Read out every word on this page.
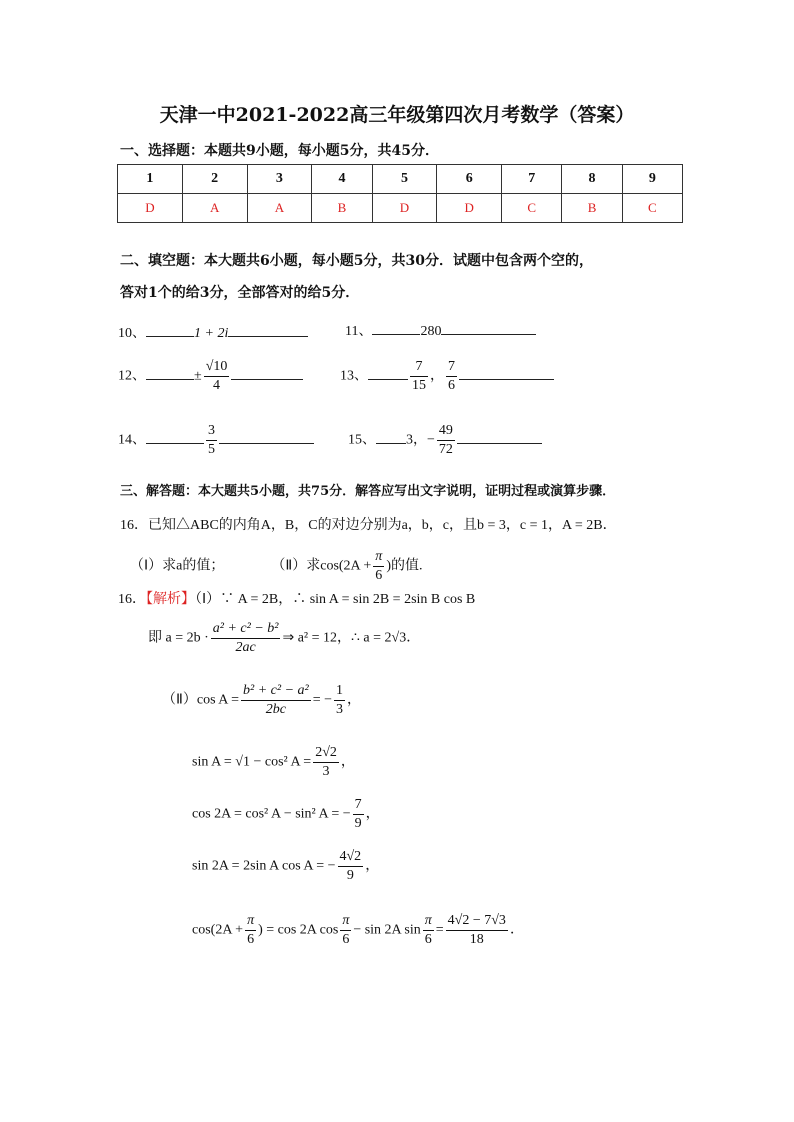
天津一中2021-2022高三年级第四次月考数学（答案）
一、选择题：本题共9小题，每小题5分，共45分．
1	2	3	4	5	6	7	8	9
D	A	A	B	D	D	C	B	C
二、填空题：本大题共6小题，每小题5分，共30分．试题中包含两个空的，
答对1个的给3分，全部答对的给5分．
10、	1 + 2i	11、	280
12、	± $\frac{√10}{4}$	13、	$\frac{7}{15}$ ， $\frac{7}{6}$
14、	$\frac{3}{5}$	15、 3，− $\frac{49}{72}$
三、解答题：本大题共5小题，共75分．解答应写出文字说明，证明过程或演算步骤．
16．已知△ABC的内角A，B，C的对边分别为a，b，c，且b = 3，c = 1，A = 2B．
（Ⅰ）求a的值；	（Ⅱ）求$\cos(2A + \frac{\pi}{6}$ )的值.
16．【解析】（Ⅰ）∵ A = 2B，∴ sin A = sin 2B = 2sin B cos B
即 $a = 2b \cdot \frac{\text{a² + c² − b²}}{2ac}$ ⇒ a² = 12，∴ a = 2√3．
（Ⅱ）cos $A = \frac{\text{b² + c² − a²}}{2bc}$ = − $\frac{1}{3}$ ，
sin A = √1 − cos² $A = \frac{2√2}{3}$ ，
cos 2A = cos² A − sin² A = − $\frac{7}{9}$ ，
sin 2A = 2sin A cos A = − $\frac{4√2}{9}$ ，
$\cos(2A + \frac{\pi}{6}$ ) = cos 2A $\cos \frac{\pi}{6} - \sin 2A$ $\sin \frac{\pi}{6} = \frac{4√2 - 7√3}{18}$ ．
